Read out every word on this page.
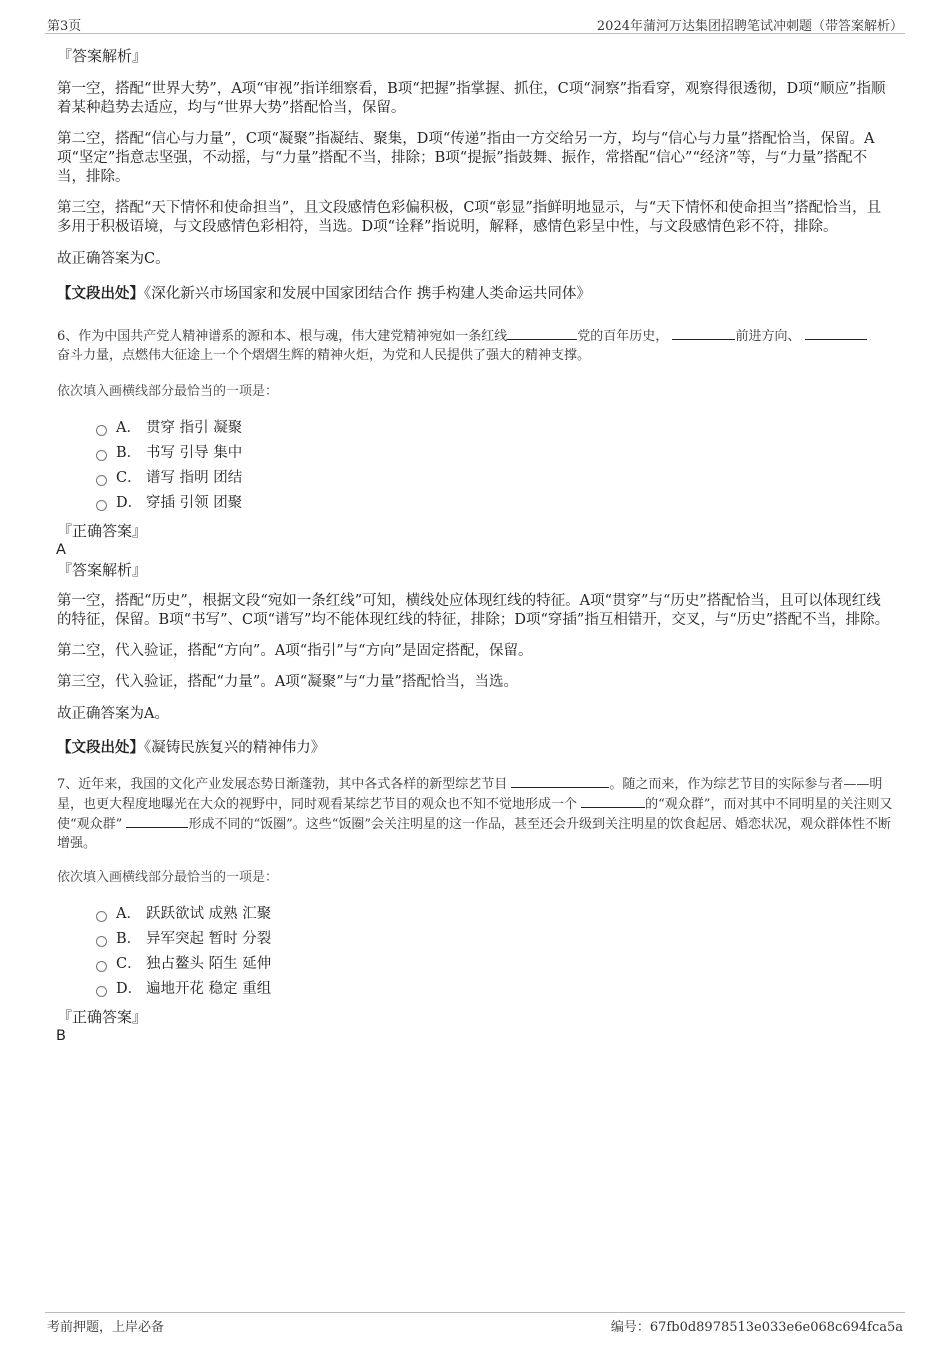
第3页	2024年蒲河万达集团招聘笔试冲刺题（带答案解析）
『答案解析』

第一空，搭配“世界大势”，A项“审视”指详细察看，B项“把握”指掌握、抓住，C项“洞察”指看穿，观察得很透彻，D项“顺应”指顺着某种趋势去适应，均与“世界大势”搭配恰当，保留。

第二空，搭配“信心与力量”，C项“凝聚”指凝结、聚集，D项“传递”指由一方交给另一方，均与“信心与力量”搭配恰当，保留。A项“坚定”指意志坚强，不动摇，与“力量”搭配不当，排除；B项“提振”指鼓舞、振作，常搭配“信心”“经济”等，与“力量”搭配不当，排除。

第三空，搭配“天下情怀和使命担当”，且文段感情色彩偏积极，C项“彰显”指鲜明地显示，与“天下情怀和使命担当”搭配恰当，且多用于积极语境，与文段感情色彩相符，当选。D项“诠释”指说明，解释，感情色彩呈中性，与文段感情色彩不符，排除。

故正确答案为C。

【文段出处】《深化新兴市场国家和发展中国家团结合作 携手构建人类命运共同体》

6、作为中国共产党人精神谱系的源和本、根与魂，伟大建党精神宛如一条红线	党的百年历史，	前进方向、
奋斗力量，点燃伟大征途上一个个熠熠生辉的精神火炬，为党和人民提供了强大的精神支撑。

依次填入画横线部分最恰当的一项是：

A． 贯穿 指引 凝聚
B． 书写 引导 集中
C． 谱写 指明 团结
D． 穿插 引领 团聚
『正确答案』
A
『答案解析』

第一空，搭配“历史”，根据文段“宛如一条红线”可知，横线处应体现红线的特征。A项“贯穿”与“历史”搭配恰当，且可以体现红线的特征，保留。B项“书写”、C项“谱写”均不能体现红线的特征，排除；D项“穿插”指互相错开，交叉，与“历史”搭配不当，排除。

第二空，代入验证，搭配“方向”。A项“指引”与“方向”是固定搭配，保留。

第三空，代入验证，搭配“力量”。A项“凝聚”与“力量”搭配恰当，当选。

故正确答案为A。

【文段出处】《凝铸民族复兴的精神伟力》

7、近年来，我国的文化产业发展态势日渐蓬勃，其中各式各样的新型综艺节目	。随之而来，作为综艺节目的实际参与者——明星，也更大程度地曝光在大众的视野中，同时观看某综艺节目的观众也不知不觉地形成一个	的“观众群”，而对其中不同明星的关注则又使“观众群”	形成不同的“饭圈”。这些“饭圈”会关注明星的这一作品，甚至还会升级到关注明星的饮食起居、婚恋状况，观众群体性不断增强。

依次填入画横线部分最恰当的一项是：

A． 跃跃欲试 成熟 汇聚
B． 异军突起 暂时 分裂
C． 独占鳌头 陌生 延伸
D． 遍地开花 稳定 重组
『正确答案』
B
考前押题，上岸必备	编号：67fb0d8978513e033e6e068c694fca5a
